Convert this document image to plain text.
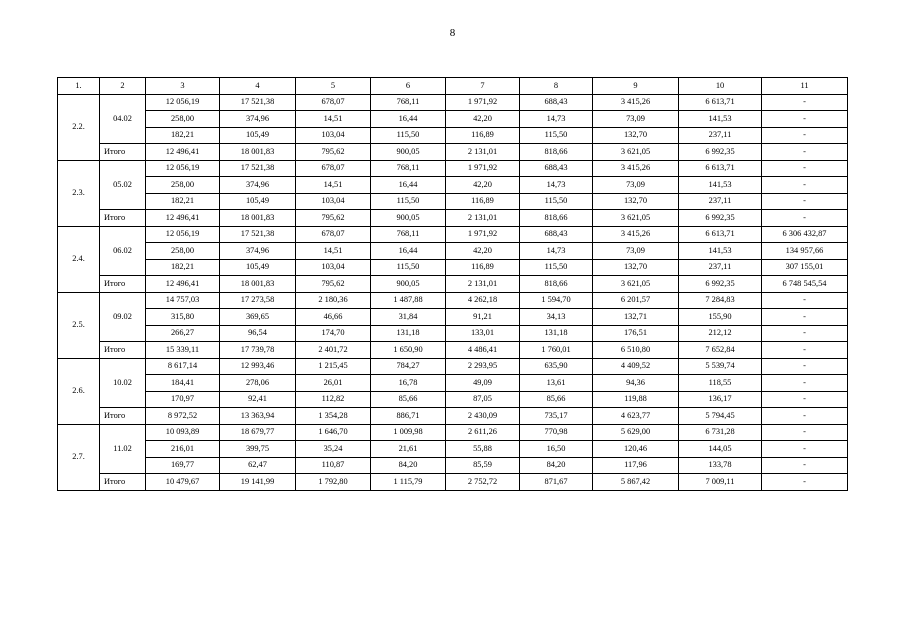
8
1.	2	3	4	5	6	7	8	9	10	11
2.2.	04.02	12 056,19	17 521,38	678,07	768,11	1 971,92	688,43	3 415,26	6 613,71	-
		258,00	374,96	14,51	16,44	42,20	14,73	73,09	141,53	-
		182,21	105,49	103,04	115,50	116,89	115,50	132,70	237,11	-
	Итого	12 496,41	18 001,83	795,62	900,05	2 131,01	818,66	3 621,05	6 992,35	-
2.3.	05.02	12 056,19	17 521,38	678,07	768,11	1 971,92	688,43	3 415,26	6 613,71	-
		258,00	374,96	14,51	16,44	42,20	14,73	73,09	141,53	-
		182,21	105,49	103,04	115,50	116,89	115,50	132,70	237,11	-
	Итого	12 496,41	18 001,83	795,62	900,05	2 131,01	818,66	3 621,05	6 992,35	-
2.4.	06.02	12 056,19	17 521,38	678,07	768,11	1 971,92	688,43	3 415,26	6 613,71	6 306 432,87
		258,00	374,96	14,51	16,44	42,20	14,73	73,09	141,53	134 957,66
		182,21	105,49	103,04	115,50	116,89	115,50	132,70	237,11	307 155,01
	Итого	12 496,41	18 001,83	795,62	900,05	2 131,01	818,66	3 621,05	6 992,35	6 748 545,54
2.5.	09.02	14 757,03	17 273,58	2 180,36	1 487,88	4 262,18	1 594,70	6 201,57	7 284,83	-
		315,80	369,65	46,66	31,84	91,21	34,13	132,71	155,90	-
		266,27	96,54	174,70	131,18	133,01	131,18	176,51	212,12	-
	Итого	15 339,11	17 739,78	2 401,72	1 650,90	4 486,41	1 760,01	6 510,80	7 652,84	-
2.6.	10.02	8 617,14	12 993,46	1 215,45	784,27	2 293,95	635,90	4 409,52	5 539,74	-
		184,41	278,06	26,01	16,78	49,09	13,61	94,36	118,55	-
		170,97	92,41	112,82	85,66	87,05	85,66	119,88	136,17	-
	Итого	8 972,52	13 363,94	1 354,28	886,71	2 430,09	735,17	4 623,77	5 794,45	-
2.7.	11.02	10 093,89	18 679,77	1 646,70	1 009,98	2 611,26	770,98	5 629,00	6 731,28	-
		216,01	399,75	35,24	21,61	55,88	16,50	120,46	144,05	-
		169,77	62,47	110,87	84,20	85,59	84,20	117,96	133,78	-
	Итого	10 479,67	19 141,99	1 792,80	1 115,79	2 752,72	871,67	5 867,42	7 009,11	-
